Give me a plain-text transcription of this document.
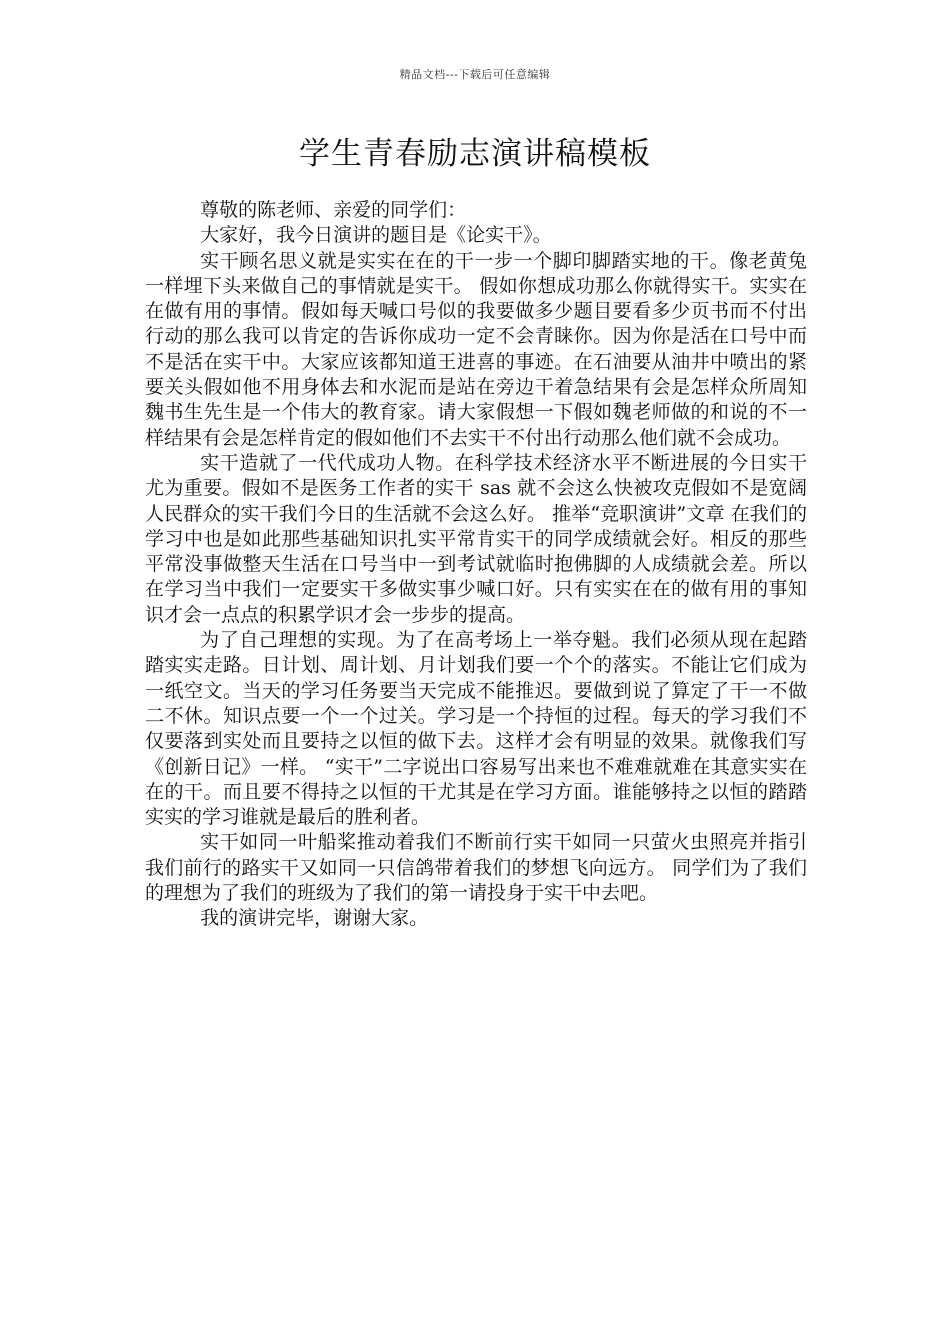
精品文档---下载后可任意编辑
学生青春励志演讲稿模板

尊敬的陈老师、亲爱的同学们：

大家好，我今日演讲的题目是《论实干》。

实干顾名思义就是实实在在的干一步一个脚印脚踏实地的干。像老黄兔一样埋下头来做自己的事情就是实干。 假如你想成功那么你就得实干。实实在在做有用的事情。假如每天喊口号似的我要做多少题目要看多少页书而不付出行动的那么我可以肯定的告诉你成功一定不会青睐你。因为你是活在口号中而不是活在实干中。大家应该都知道王进喜的事迹。在石油要从油井中喷出的紧要关头假如他不用身体去和水泥而是站在旁边干着急结果有会是怎样众所周知魏书生先生是一个伟大的教育家。请大家假想一下假如魏老师做的和说的不一样结果有会是怎样肯定的假如他们不去实干不付出行动那么他们就不会成功。

实干造就了一代代成功人物。在科学技术经济水平不断进展的今日实干尤为重要。假如不是医务工作者的实干 sas 就不会这么快被攻克假如不是宽阔人民群众的实干我们今日的生活就不会这么好。 推举“竞职演讲”文章 在我们的学习中也是如此那些基础知识扎实平常肯实干的同学成绩就会好。相反的那些平常没事做整天生活在口号当中一到考试就临时抱佛脚的人成绩就会差。所以在学习当中我们一定要实干多做实事少喊口好。只有实实在在的做有用的事知识才会一点点的积累学识才会一步步的提高。

为了自己理想的实现。为了在高考场上一举夺魁。我们必须从现在起踏踏实实走路。日计划、周计划、月计划我们要一个个的落实。不能让它们成为一纸空文。当天的学习任务要当天完成不能推迟。要做到说了算定了干一不做二不休。知识点要一个一个过关。学习是一个持恒的过程。每天的学习我们不仅要落到实处而且要持之以恒的做下去。这样才会有明显的效果。就像我们写《创新日记》一样。 “实干”二字说出口容易写出来也不难难就难在其意实实在在的干。而且要不得持之以恒的干尤其是在学习方面。谁能够持之以恒的踏踏实实的学习谁就是最后的胜利者。

实干如同一叶船桨推动着我们不断前行实干如同一只萤火虫照亮并指引我们前行的路实干又如同一只信鸽带着我们的梦想飞向远方。 同学们为了我们的理想为了我们的班级为了我们的第一请投身于实干中去吧。

我的演讲完毕，谢谢大家。
